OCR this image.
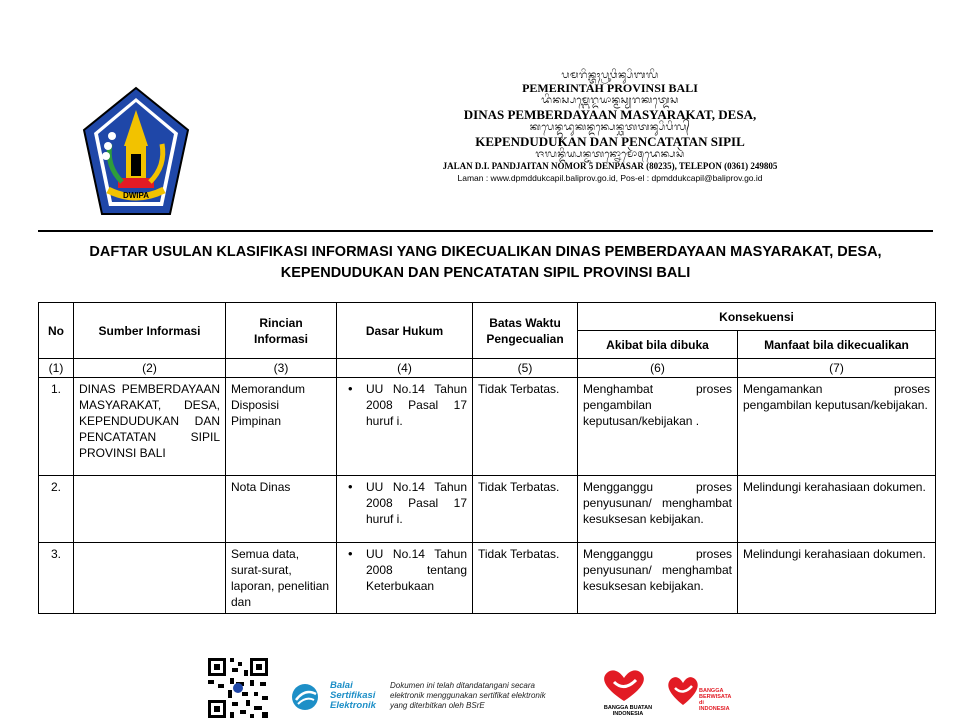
DWIPA
ᬧᬫᬭᬶᬦ᭄ᬢᬄᬧ᭄ᬭᬸᬯᬶᬦ᭄ᬲᬶᬩᬮᬶ
PEMERINTAH PROVINSI BALI
ᬤᬶᬦᬲ᭄ᬧᬫ᭄ᬩᬾᬭ᭄ᬤᬬᬵᬦ᭄ᬫᬲ᭄ᬬᬭᬓᬢ᭄ᬤᬾᬲ
DINAS PEMBERDAYAAN MASYARAKAT, DESA,
ᬓᬧᬾᬦ᭄ᬤᬸᬤᬸᬓᬦ᭄ᬤᬦ᭄ᬧᬾᬦ᭄ᬘᬢᬢᬦ᭄ᬲᬶᬧᬶᬮ᭄
KEPENDUDUKAN DAN PENCATATAN SIPIL
ᬚᬮᬦ᭄ᬤᬶᬬ᭄ᬧᬦ᭄ᬚᬢᬦ᭄ᬦᭀᬫᭀᬃ᭕ᬤᬾᬦ᭄ᬧᬲᬃ
JALAN D.I. PANDJAITAN NOMOR 5 DENPASAR (80235), TELEPON (0361) 249805
Laman : www.dpmddukcapil.baliprov.go.id, Pos-el : dpmddukcapil@baliprov.go.id
DAFTAR USULAN KLASIFIKASI INFORMASI YANG DIKECUALIKAN DINAS PEMBERDAYAAN MASYARAKAT, DESA,
KEPENDUDUKAN DAN PENCATATAN SIPIL PROVINSI BALI
No	Sumber Informasi	Rincian Informasi	Dasar Hukum	Batas Waktu Pengecualian	Konsekuensi	
					Akibat bila dibuka	Manfaat bila dikecualikan
(1)	(2)	(3)	(4)	(5)	(6)	(7)
1.	DINAS PEMBERDAYAAN MASYARAKAT, DESA, KEPENDUDUKAN DAN PENCATATAN SIPIL PROVINSI BALI	Memorandum Disposisi Pimpinan	• UU No.14 Tahun 2008 Pasal 17 huruf i.	Tidak Terbatas.	Menghambat proses pengambilan keputusan/kebijakan .	Mengamankan proses pengambilan keputusan/kebijakan.
2.		Nota Dinas	• UU No.14 Tahun 2008 Pasal 17 huruf i.	Tidak Terbatas.	Mengganggu proses penyusunan/ menghambat kesuksesan kebijakan.	Melindungi kerahasiaan dokumen.
3.		Semua data, surat-surat, laporan, penelitian dan	• UU No.14 Tahun 2008 tentang Keterbukaan	Tidak Terbatas.	Mengganggu proses penyusunan/ menghambat kesuksesan kebijakan.	Melindungi kerahasiaan dokumen.
Balai
Sertifikasi
Elektronik
Dokumen ini telah ditandatangani secara
elektronik menggunakan sertifikat elektronik
yang diterbitkan oleh BSrE	BANGGA BUATAN
INDONESIA
BANGGA
BERWISATA
di INDONESIA
